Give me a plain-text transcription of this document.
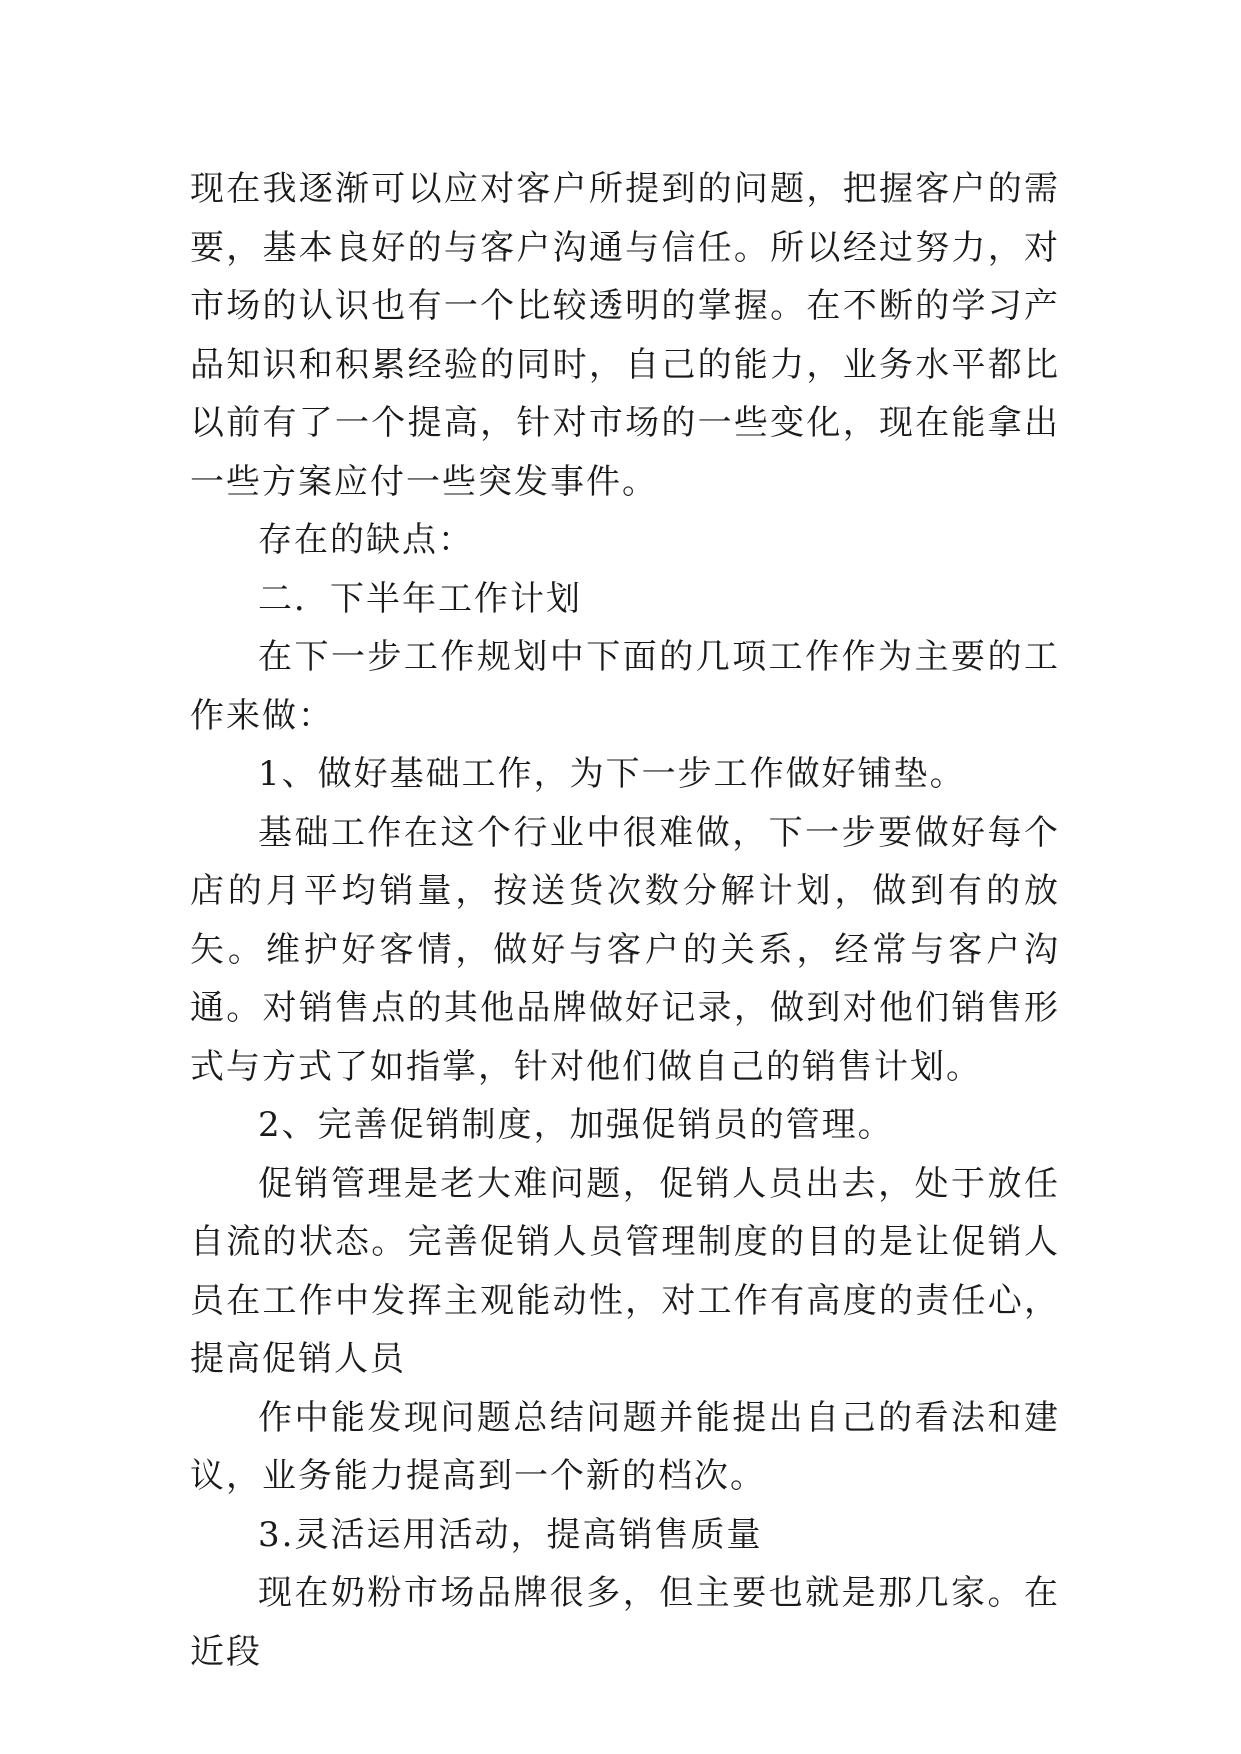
现在我逐渐可以应对客户所提到的问题，把握客户的需要，基本良好的与客户沟通与信任。所以经过努力，对市场的认识也有一个比较透明的掌握。在不断的学习产品知识和积累经验的同时，自己的能力，业务水平都比以前有了一个提高，针对市场的一些变化，现在能拿出一些方案应付一些突发事件。

存在的缺点：

二．下半年工作计划

在下一步工作规划中下面的几项工作作为主要的工作来做：

1、做好基础工作，为下一步工作做好铺垫。

基础工作在这个行业中很难做，下一步要做好每个店的月平均销量，按送货次数分解计划，做到有的放矢。维护好客情，做好与客户的关系，经常与客户沟通。对销售点的其他品牌做好记录，做到对他们销售形式与方式了如指掌，针对他们做自己的销售计划。

2、完善促销制度，加强促销员的管理。

促销管理是老大难问题，促销人员出去，处于放任自流的状态。完善促销人员管理制度的目的是让促销人员在工作中发挥主观能动性，对工作有高度的责任心，提高促销人员

作中能发现问题总结问题并能提出自己的看法和建议，业务能力提高到一个新的档次。

3.灵活运用活动，提高销售质量

现在奶粉市场品牌很多，但主要也就是那几家。在近段
